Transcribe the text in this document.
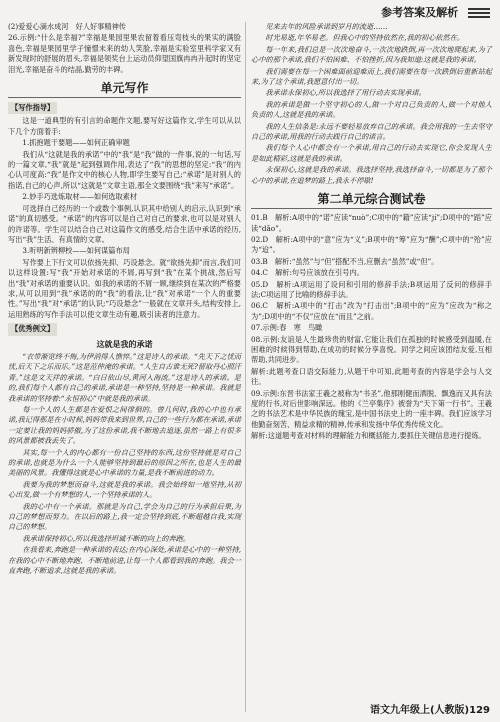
参考答案及解析

(2)爱爱心滴水成河　好人好事精神传

26.示例:“什么是幸福?”幸福是果园里果农留着看压弯枝头的果实的满脸喜色,幸福是果园里学子憧憬未来的幼人笑脸,幸福是实验室里科学家又有新发现时的舒展的眉头,幸福是领奖台上运动员仰望国旗冉冉升起时的坚定泪光,幸福是奋斗的结晶,勤劳的丰碑。

单元写作
【写作指导】

这是一道典型的有引言的命题作文题,要写好这篇作文,学生可以从以下几个方面着手:

1.抓抱题干要题——如何正确审题

我们从“这就是我的承诺”中的“我”是“我”做的一件事,说的一句话,写的一篇文章,“我”就是“起到强调作用,表达了“我”的思想的坚定:“我”的内心认可度高:“我”是作文中的核心人物,即学生要写自己;“承诺”是对别人的指诺,自己的心声,所以“这就是”文章主语,那全文要围绕“我”来写“承诺”。

2.妙手巧选炼取材——如何选取素材

可选择自己经历的一个或数个事例,认识其中给别人的启示,认识到“承诺”的真切感受。“承诺”的内容可以是自己对自己的要求,也可以是对别人的许诺等。学生可以结合自己对这篇作文的感受,结合生活中承诺的经历,写出“我”生活、有真情的文章。

3.听明新辨柳校——如何谋篇布局

写作要上下行文可以依扬先抑、巧设悬念。就“欲扬先抑”而言,我们可以这样设置:写“我”开始对承诺的不屑,再写到“我”在某个挑战,然后写出“我”对承诺的重要认识。如我的承诺的不屑一顾,继续到在某次的严格要求,从可以用到“我”承诺的的“我”的看法,让“我”对承诺“一个人的重要性。”写出“我”对“承诺”的认识;“巧设悬念”一般就在文章开头,结构安排上,运用熟练的写作手法可以使文章生动有趣,吸引读者的注意力。

【优秀例文】
这就是我的承诺

“衣带渐宽终不悔,为伊消得人憔悴。”这是诗人的承诺。“先天下之忧而忧,后天下之乐而乐。”这是范仲淹的承诺。“人生自古谁无死?留取丹心照汗青。”这是文天祥的承诺。“白日依山尽,黄河入海流。”这是诗人的承诺。是的,我们每个人都有自己的承诺,承诺是一种坚持,坚持是一种承诺。我就是我承诺的坚持着:“永恒初心”中就是我的承诺。

每一个人的人生都是在爱恨之间徘徊的。曾几何时,我的心中也有承诺,我记得那是在小时候,妈妈带我来到世界,自己的一些行为都在承诺,承诺一定要让我的妈妈骄傲,为了这份承诺,我不断地去追逐,虽然一路上有很多的风景都被我丢失了。

其实,每一个人的内心都有一份自己坚持的东西,这份坚持就是对自己的承诺,也就是为什么一个人能够坚持到最后的原因之所在,也是人生的最美丽的风景。我懂得这就是心中承诺的力量,是我不断前进的动力。

我要为我的梦想而奋斗,这就是我的承诺。我会始终如一地坚持,从初心出发,做一个有梦想的人,一个坚持承诺的人。

我的心中有一个承诺。那就是为自己,学会为自己的行为承担后果,为自己的梦想而努力。在以后的路上,我一定会坚持到底,不断超越自我,实现自己的梦想。

我承诺保持初心,所以我选择坦诚不断的向上的奔跑。

在我看来,奔跑是一种承诺的表达;在内心深处,承诺是心中的一种坚持,在我的心中不断地奔跑、不断地前进,让每一个人都看到我的奔跑。我会一直奔跑,不断追求,这就是我的承诺。

见来去年的风险承诺到岁月的流逝……

时光易逝,年华易老。但我心中的坚持依然在,我的初心依然在。

每一年来,我们总是一次次地奋斗,一次次地跌倒,再一次次地爬起来,为了心中的那个承诺,我们不怕困难、不怕挫折,因为我知道:这就是我的承诺。

我们需要在每一个困难面前迎难而上,我们需要在每一次跌倒后重新站起来,为了这个承诺,我愿意付出一切。

我承诺永保初心,所以我选择了用行动去实现承诺。

我的承诺是做一个坚守初心的人,做一个对自己负责的人,做一个对他人负责的人,这就是我的承诺。

我的人生信条是:永远不要轻易放弃自己的承诺。我会用我的一生去坚守自己的承诺,用我的行动去践行自己的诺言。

我们每个人心中都会有一个承诺,用自己的行动去实现它,你会发现人生是如此精彩,这就是我的承诺。

永保初心,这就是我的承诺。我选择坚持,我选择奋斗,一切都是为了那个心中的承诺,在追梦的路上,我永不停歇!

第二单元综合测试卷

01.B　解析:A项中的“诺”应读“nuò”;C项中的“籍”应读“jí”;D项中的“蹈”应读“dǎo”。

02.D　解析:A项中的“意”应为“义”;B项中的“筹”应为“酬”;C项中的“殆”应为“迨”。

03.B　解析:“虽然”与“但”搭配不当,应删去“虽然”或“但”。

04.C　解析:句号应该放在引号内。

05.D　解析:A项运用了设问和引用的修辞手法;B项运用了反问的修辞手法;C项运用了比喻的修辞手法。

06.C　解析:A项中的“打击”改为“打击出”;B项中的“应为”应改为“称之为”;D项中的“不仅”应放在“而且”之前。

07.示例:春　寒　鸟瞰

08.示例:友谊是人生最珍贵的财富,它能让我们在孤独的时候感受到温暖,在困难的时候得到帮助,在成功的时候分享喜悦。同学之间应该团结友爱,互相帮助,共同进步。

解析:此题考查口语交际能力,从题干中可知,此题考查的内容是学会与人交往。

09.示例:东晋书法家王羲之被称为“书圣”,他那刚健而洒脱、飘逸而又具有法度的行书,对后世影响深远。他的《兰亭集序》被誉为“天下第一行书”。王羲之的书法艺术是中华民族的瑰宝,是中国书法史上的一座丰碑。我们应该学习他勤奋刻苦、精益求精的精神,传承和发扬中华优秀传统文化。

解析:这道题考查对材料的理解能力和概括能力,要抓住关键信息进行提炼。

语文九年级上(人教版)129
